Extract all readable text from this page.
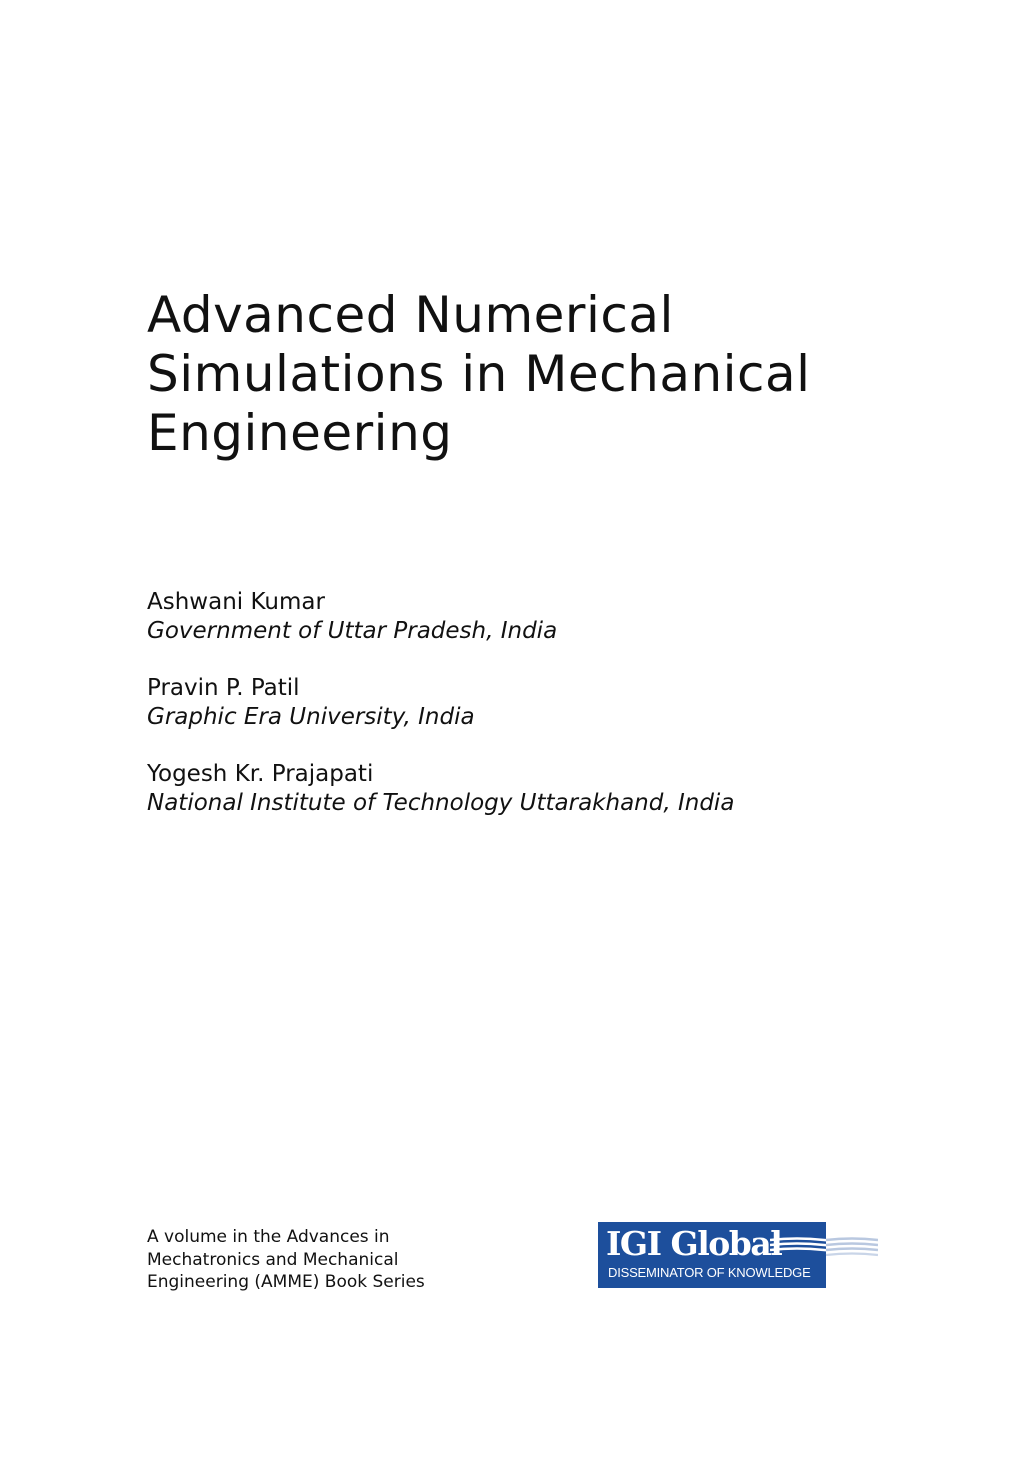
Advanced Numerical
Simulations in Mechanical
Engineering
Ashwani Kumar
Government of Uttar Pradesh, India
Pravin P. Patil
Graphic Era University, India
Yogesh Kr. Prajapati
National Institute of Technology Uttarakhand, India
A volume in the Advances in
Mechatronics and Mechanical
Engineering (AMME) Book Series
IGI Global
DISSEMINATOR OF KNOWLEDGE
